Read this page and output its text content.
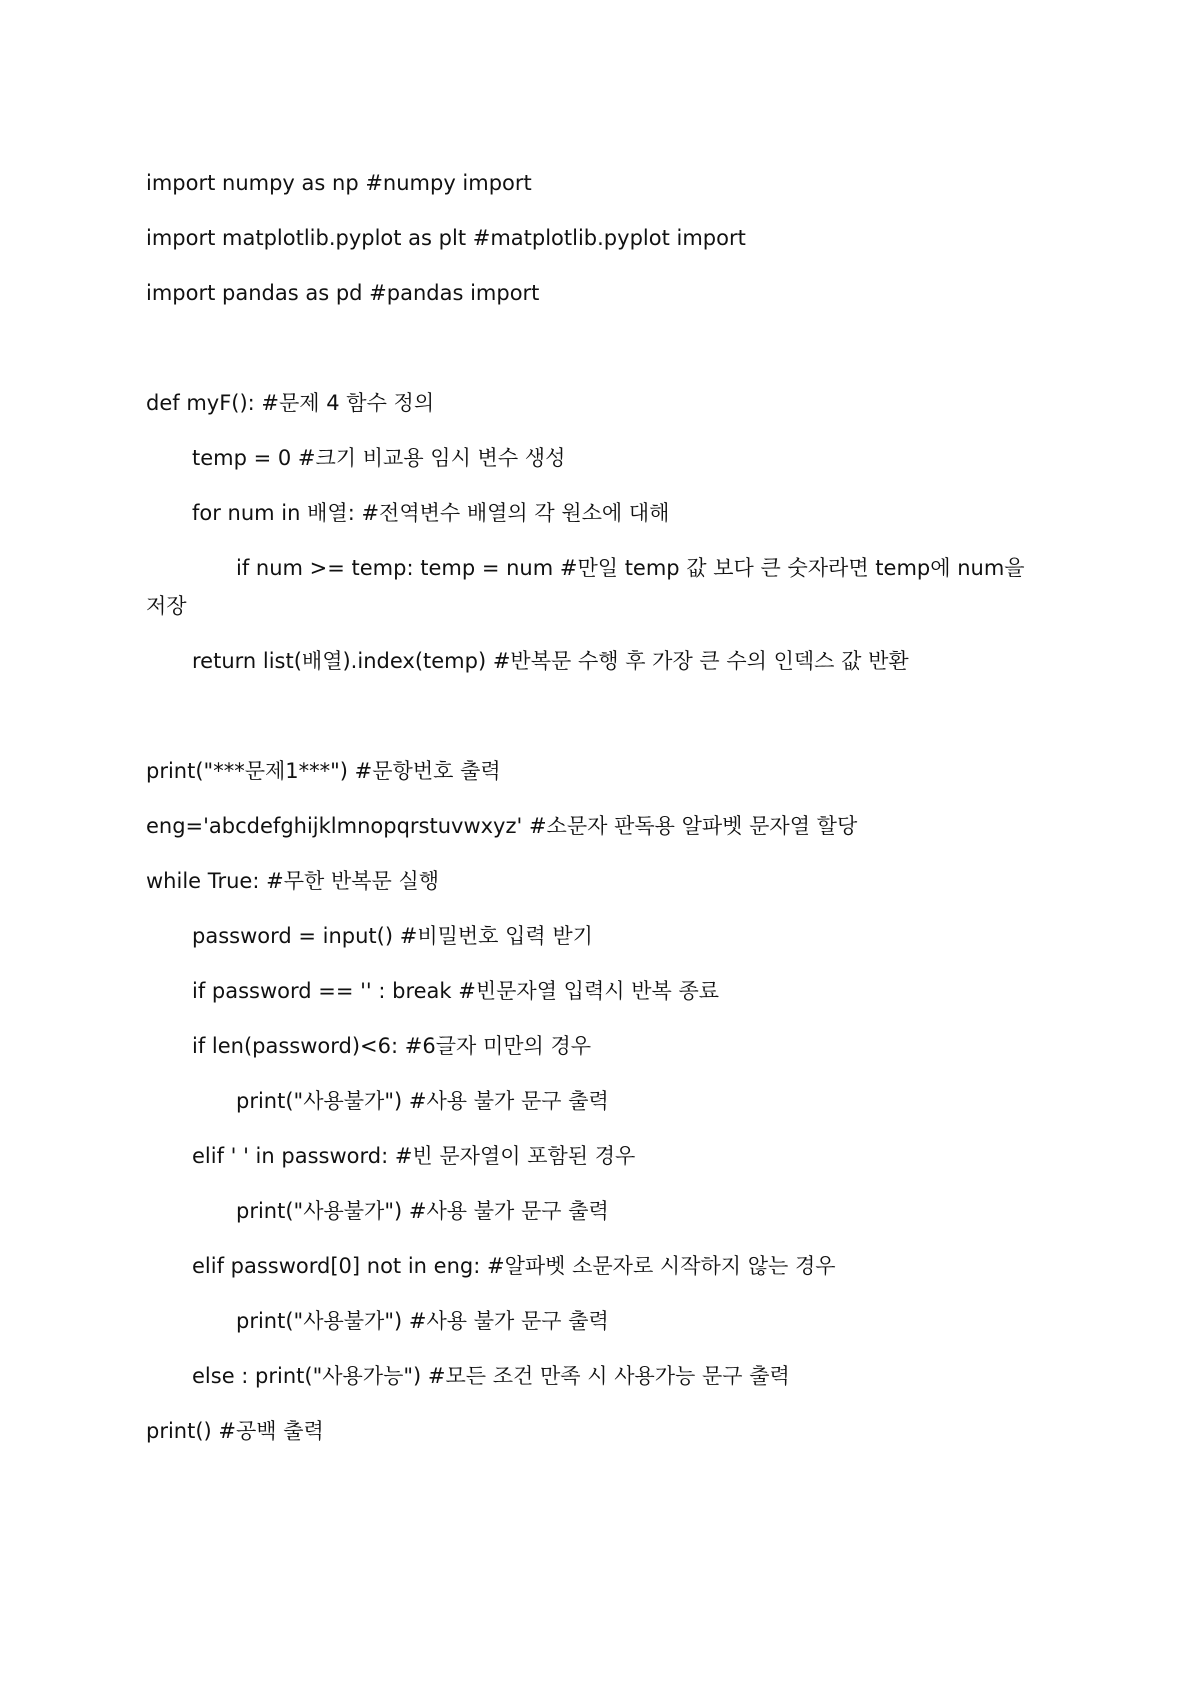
import numpy as np #numpy import
import matplotlib.pyplot as plt #matplotlib.pyplot import
import pandas as pd #pandas import
def myF(): #문제 4 함수 정의
temp = 0 #크기 비교용 임시 변수 생성
for num in 배열: #전역변수 배열의 각 원소에 대해
if num >= temp: temp = num #만일 temp 값 보다 큰 숫자라면 temp에 num을
저장
return list(배열).index(temp) #반복문 수행 후 가장 큰 수의 인덱스 값 반환
print("***문제1***") #문항번호 출력
eng='abcdefghijklmnopqrstuvwxyz' #소문자 판독용 알파벳 문자열 할당
while True: #무한 반복문 실행
password = input() #비밀번호 입력 받기
if password == '' : break #빈문자열 입력시 반복 종료
if len(password)<6: #6글자 미만의 경우
print("사용불가") #사용 불가 문구 출력
elif ' ' in password: #빈 문자열이 포함된 경우
print("사용불가") #사용 불가 문구 출력
elif password[0] not in eng: #알파벳 소문자로 시작하지 않는 경우
print("사용불가") #사용 불가 문구 출력
else : print("사용가능") #모든 조건 만족 시 사용가능 문구 출력
print() #공백 출력
